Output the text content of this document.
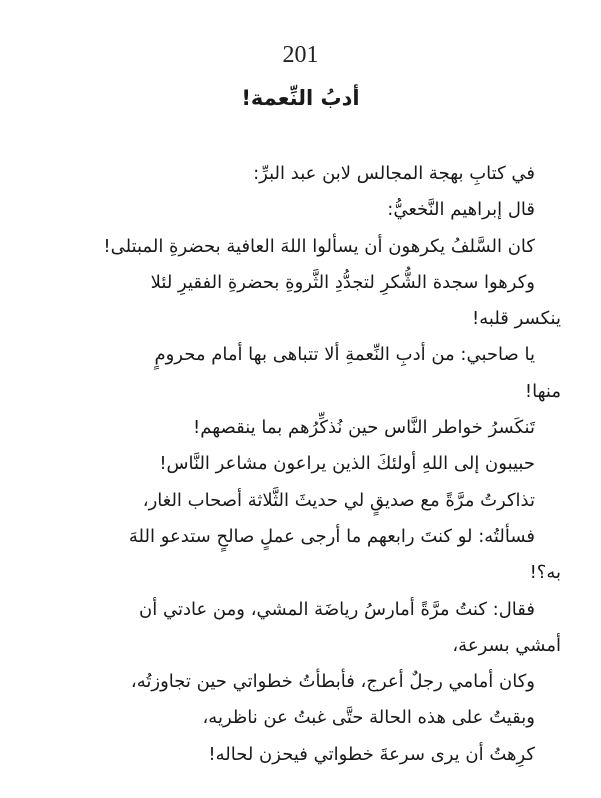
201
أدبُ النِّعمة!

في كتابِ بهجة المجالس لابن عبد البرِّ:

قال إبراهيم النَّخعيُّ:

كان السَّلفُ يكرهون أن يسألوا اللهَ العافية بحضرةِ المبتلى!

وكرهوا سجدة الشُّكرِ لتجدُّدِ الثَّروةِ بحضرةِ الفقيرِ لئلا

ينكسر قلبه!

يا صاحبي: من أدبِ النِّعمةِ ألا تتباهى بها أمام محرومٍ

منها!

تَنكَسرُ خواطر النَّاس حين نُذكِّرُهم بما ينقصهم!

حبيبون إلى اللهِ أولئكَ الذين يراعون مشاعر النَّاس!

تذاكرتُ مرَّةً مع صديقٍ لي حديثَ الثَّلاثة أصحاب الغار،

فسألتُه: لو كنتَ رابعهم ما أرجى عملٍ صالحٍ ستدعو اللهَ

به؟!

فقال: كنتُ مرَّةً أمارسُ رياضَة المشي، ومن عادتي أن

أمشي بسرعة،

وكان أمامي رجلٌ أعرج، فأبطأتُ خطواتي حين تجاوزتُه،

وبقيتُ على هذه الحالة حتَّى غبتُ عن ناظريه،

كرِهتُ أن يرى سرعةَ خطواتي فيحزن لحاله!
